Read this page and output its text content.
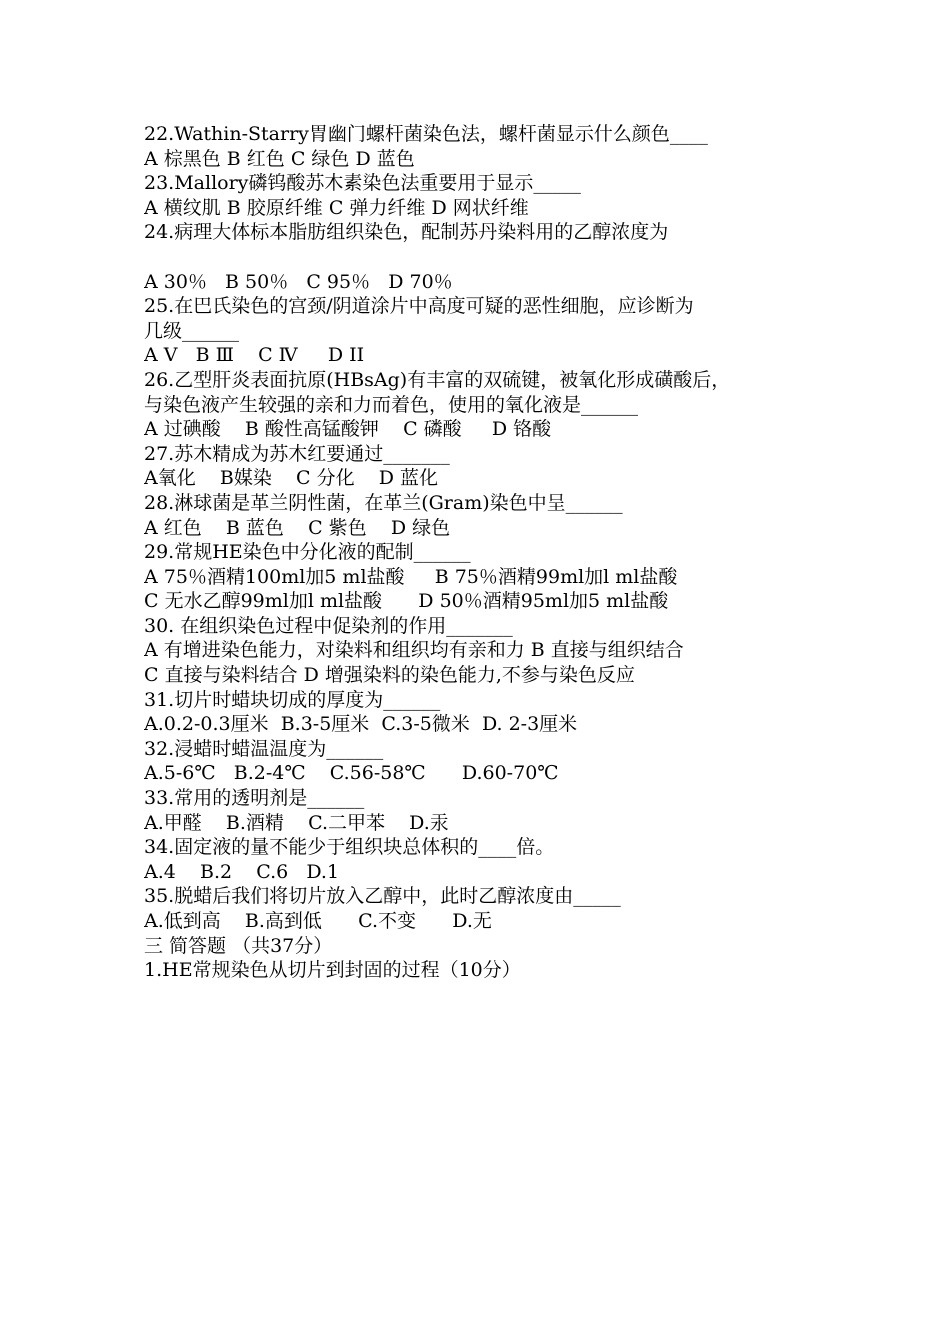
22.Wathin-Starry胃幽门螺杆菌染色法，螺杆菌显示什么颜色____
A 棕黑色 B 红色 C 绿色 D 蓝色
23.Mallory磷钨酸苏木素染色法重要用于显示_____
A 横纹肌 B 胶原纤维 C 弹力纤维 D 网状纤维
24.病理大体标本脂肪组织染色，配制苏丹染料用的乙醇浓度为
A 30％   B 50％   C 95％   D 70％
25.在巴氏染色的宫颈/阴道涂片中高度可疑的恶性细胞，应诊断为
几级______
A V   B Ⅲ    C Ⅳ     D II
26.乙型肝炎表面抗原(HBsAg)有丰富的双硫键，被氧化形成磺酸后，
与染色液产生较强的亲和力而着色，使用的氧化液是______
A 过碘酸    B 酸性高锰酸钾    C 磷酸     D 铬酸
27.苏木精成为苏木红要通过_______
A氧化    B媒染    C 分化    D 蓝化
28.淋球菌是革兰阴性菌，在革兰(Gram)染色中呈______
A 红色    B 蓝色    C 紫色    D 绿色
29.常规HE染色中分化液的配制______
A 75％酒精100ml加5 ml盐酸     B 75％酒精99ml加l ml盐酸
C 无水乙醇99ml加l ml盐酸      D 50％酒精95ml加5 ml盐酸
30. 在组织染色过程中促染剂的作用_______
A 有增进染色能力，对染料和组织均有亲和力 B 直接与组织结合
C 直接与染料结合 D 增强染料的染色能力,不参与染色反应
31.切片时蜡块切成的厚度为______
A.0.2-0.3厘米  B.3-5厘米  C.3-5微米  D. 2-3厘米
32.浸蜡时蜡温温度为______
A.5-6℃   B.2-4℃    C.56-58℃      D.60-70℃
33.常用的透明剂是______
A.甲醛    B.酒精    C.二甲苯    D.汞
34.固定液的量不能少于组织块总体积的____倍。
A.4    B.2    C.6   D.1
35.脱蜡后我们将切片放入乙醇中，此时乙醇浓度由_____
A.低到高    B.高到低      C.不变      D.无
三 简答题 （共37分）
1.HE常规染色从切片到封固的过程（10分）
